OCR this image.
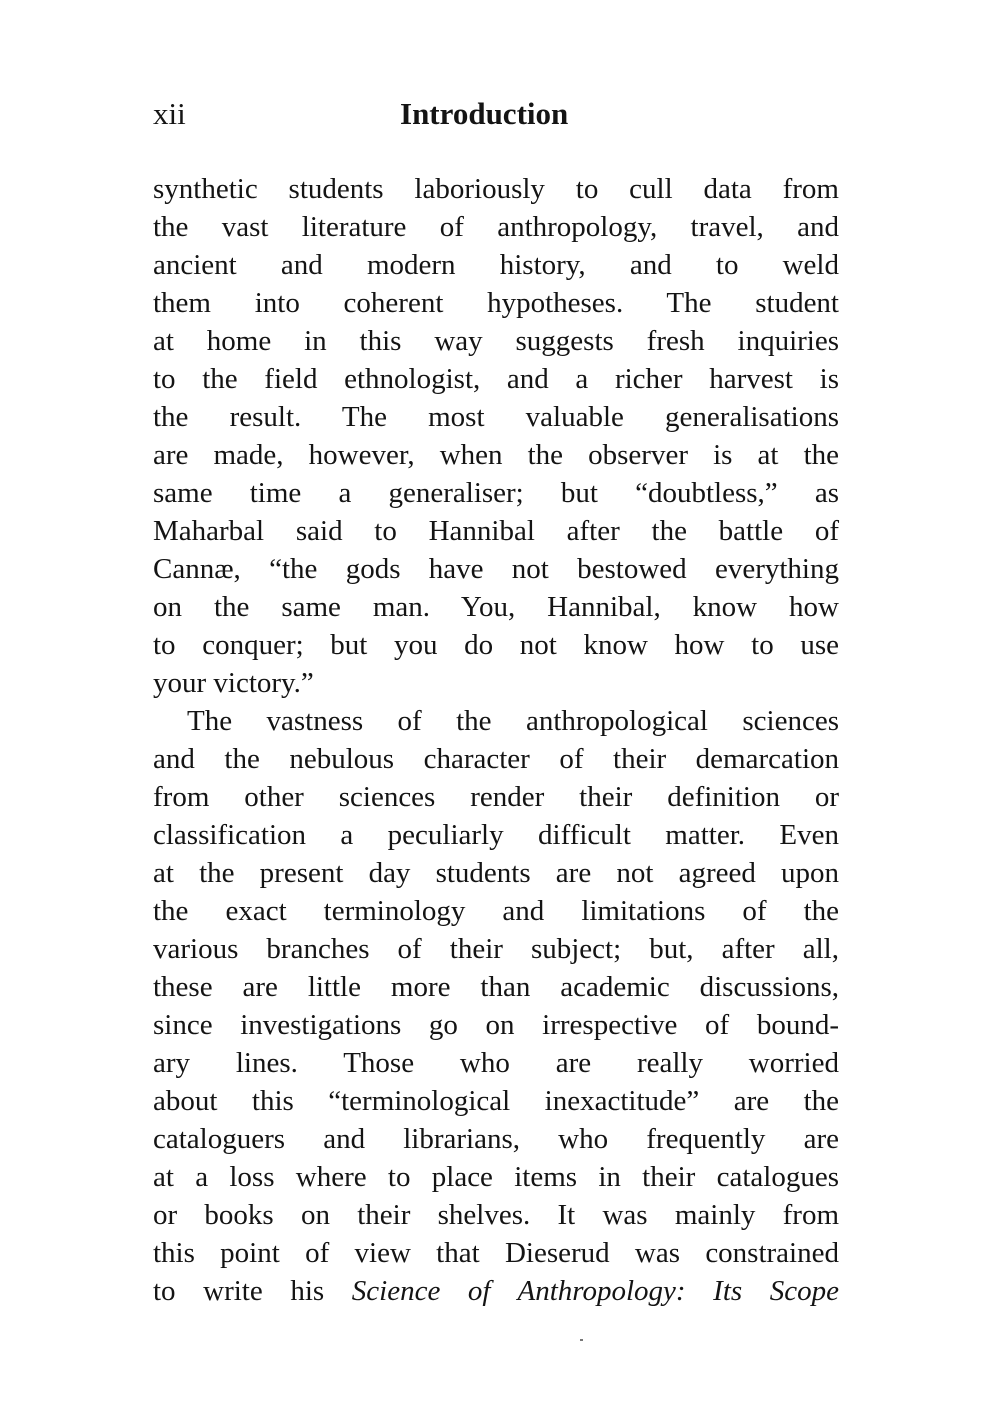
xii	Introduction
synthetic students laboriously to cull data from
the vast literature of anthropology, travel, and
ancient and modern history, and to weld
them into coherent hypotheses. The student
at home in this way suggests fresh inquiries
to the field ethnologist, and a richer harvest is
the result. The most valuable generalisations
are made, however, when the observer is at the
same time a generaliser; but “doubtless,” as
Maharbal said to Hannibal after the battle of
Cannæ, “the gods have not bestowed everything
on the same man. You, Hannibal, know how
to conquer; but you do not know how to use
your victory.”
The vastness of the anthropological sciences
and the nebulous character of their demarcation
from other sciences render their definition or
classification a peculiarly difficult matter. Even
at the present day students are not agreed upon
the exact terminology and limitations of the
various branches of their subject; but, after all,
these are little more than academic discussions,
since investigations go on irrespective of bound-
ary lines. Those who are really worried
about this “terminological inexactitude” are the
cataloguers and librarians, who frequently are
at a loss where to place items in their catalogues
or books on their shelves. It was mainly from
this point of view that Dieserud was constrained
to write his Science of Anthropology: Its Scope
